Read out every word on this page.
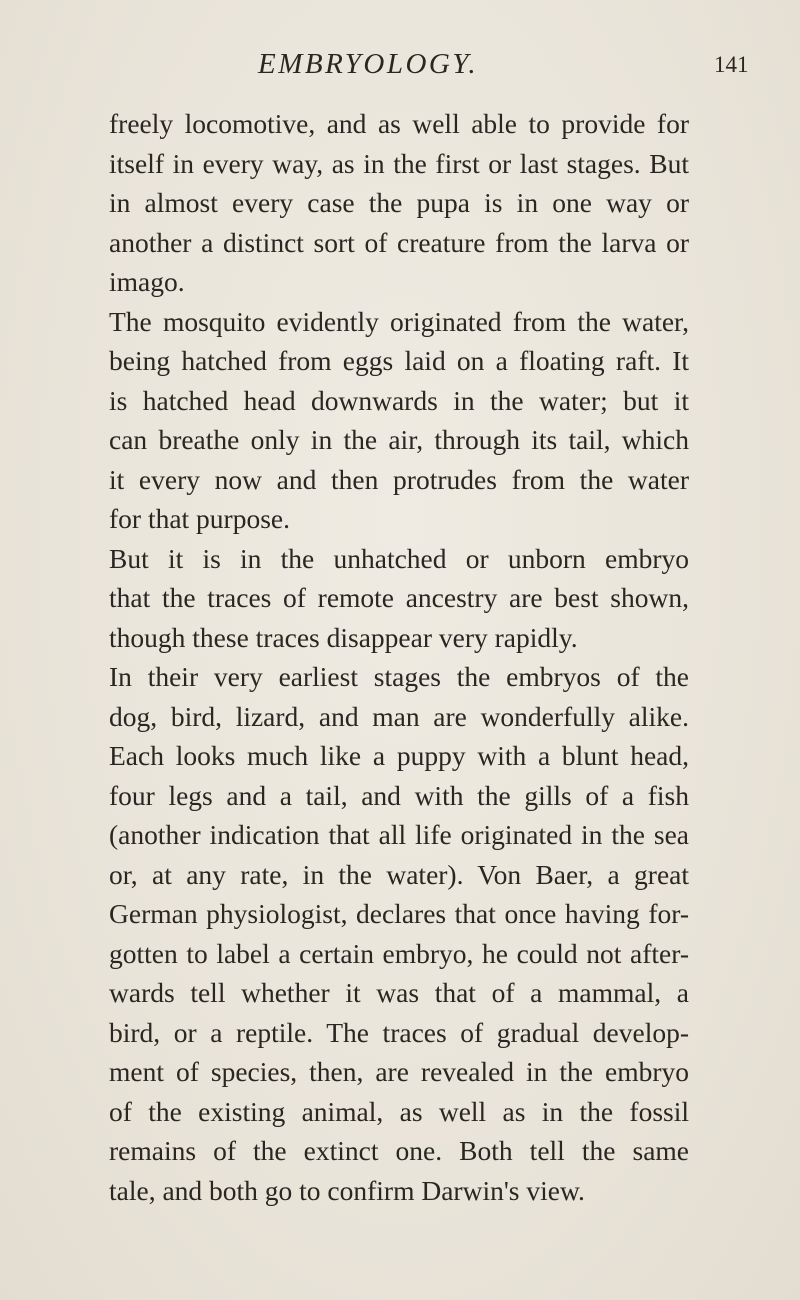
EMBRYOLOGY.	141

freely locomotive, and as well able to provide for
itself in every way, as in the first or last stages. But
in almost every case the pupa is in one way or
another a distinct sort of creature from the larva or
imago.

The mosquito evidently originated from the water,
being hatched from eggs laid on a floating raft. It
is hatched head downwards in the water; but it
can breathe only in the air, through its tail, which
it every now and then protrudes from the water
for that purpose.

But it is in the unhatched or unborn embryo
that the traces of remote ancestry are best shown,
though these traces disappear very rapidly.

In their very earliest stages the embryos of the
dog, bird, lizard, and man are wonderfully alike.
Each looks much like a puppy with a blunt head,
four legs and a tail, and with the gills of a fish
(another indication that all life originated in the sea
or, at any rate, in the water). Von Baer, a great
German physiologist, declares that once having for-
gotten to label a certain embryo, he could not after-
wards tell whether it was that of a mammal, a
bird, or a reptile. The traces of gradual develop-
ment of species, then, are revealed in the embryo
of the existing animal, as well as in the fossil
remains of the extinct one. Both tell the same
tale, and both go to confirm Darwin's view.
